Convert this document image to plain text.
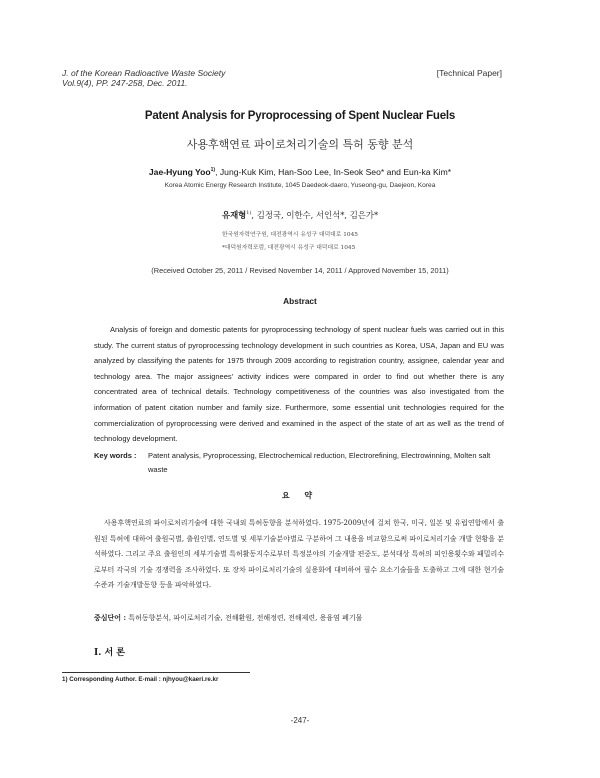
J. of the Korean Radioactive Waste Society
Vol.9(4), PP. 247-258, Dec. 2011.
[Technical Paper]
Patent Analysis for Pyroprocessing of Spent Nuclear Fuels
사용후핵연료 파이로처리기술의 특허 동향 분석
Jae-Hyung Yoo$^{1)}$, Jung-Kuk Kim, Han-Soo Lee, In-Seok Seo* and Eun-ka Kim*
Korea Atomic Energy Research Institute, 1045 Daedeok-daero, Yuseong-gu, Daejeon, Korea
유재형$^{1)}$, 김정국, 이한수, 서인석*, 김은가*
한국원자력연구원, 대전광역시 유성구 대덕대로 1045
*대덕원자력포럼, 대전광역시 유성구 대덕대로 1045
(Received October 25, 2011 / Revised November 14, 2011 / Approved November 15, 2011)
Abstract

Analysis of foreign and domestic patents for pyroprocessing technology of spent nuclear fuels was carried out in this study. The current status of pyroprocessing technology development in such countries as Korea, USA, Japan and EU was analyzed by classifying the patents for 1975 through 2009 according to registration country, assignee, calendar year and technology area. The major assignees' activity indices were compared in order to find out whether there is any concentrated area of technical details. Technology competitiveness of the countries was also investigated from the information of patent citation number and family size. Furthermore, some essential unit technologies required for the commercialization of pyroprocessing were derived and examined in the aspect of the state of art as well as the trend of technology development.

Key words :	Patent analysis, Pyroprocessing, Electrochemical reduction, Electrorefining, Electrowinning, Molten salt waste
요 약

사용후핵연료의 파이로처리기술에 대한 국내외 특허동향을 분석하였다. 1975-2009년에 걸쳐 한국, 미국, 일본 및 유럽연합에서 출원된 특허에 대하여 출원국별, 출원인별, 연도별 및 세부기술분야별로 구분하여 그 내용을 비교함으로써 파이로처리기술 개발 현황을 분석하였다. 그리고 주요 출원인의 세부기술별 특허활동지수로부터 특정분야의 기술개발 편중도, 분석대상 특허의 피인용횟수와 패밀리수로부터 각국의 기술 경쟁력을 조사하였다. 또 장차 파이로처리기술의 실용화에 대비하여 필수 요소기술들을 도출하고 그에 대한 현기술 수준과 기술개발동향 등을 파악하였다.

중심단어 : 특허동향분석, 파이로처리기술, 전해환원, 전해정련, 전해제련, 용융염 폐기물
I. 서 론
1) Corresponding Author. E-mail : njhyou@kaeri.re.kr
-247-
